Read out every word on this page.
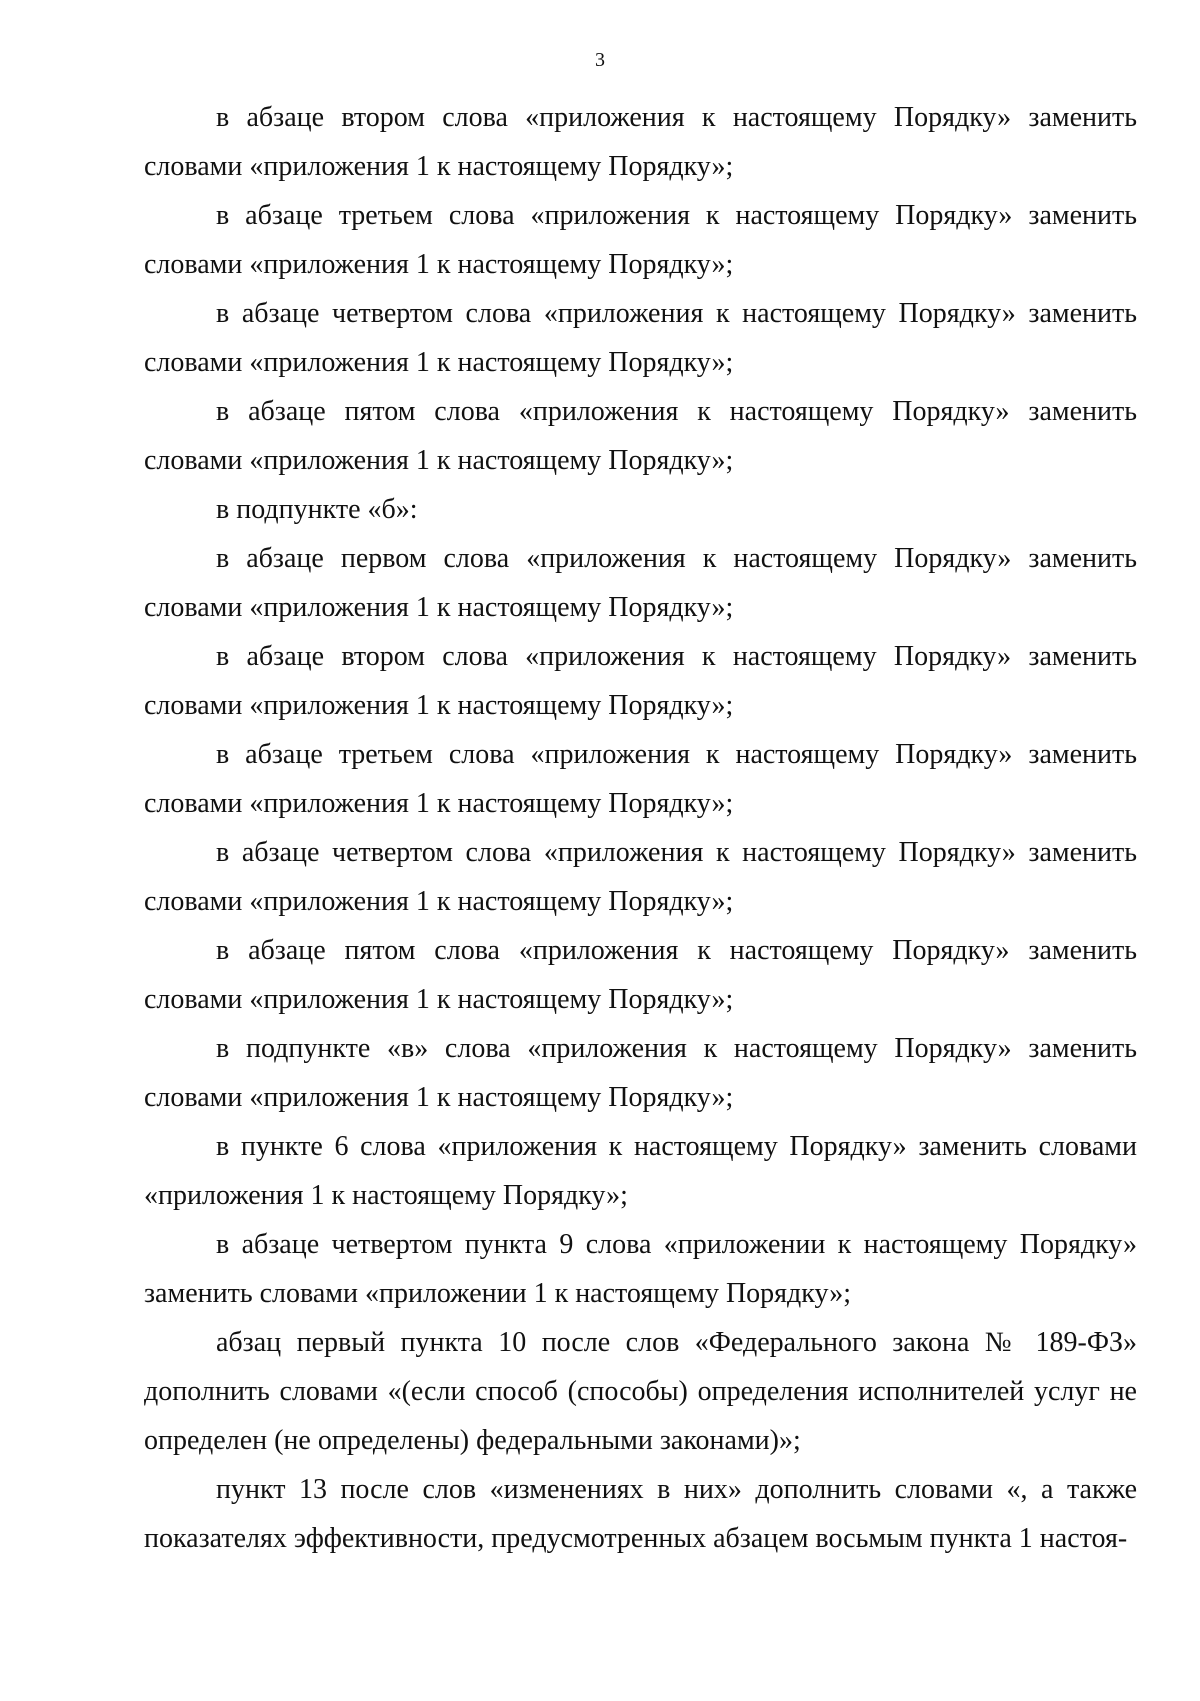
3

в абзаце втором слова «приложения к настоящему Порядку» заменить словами «приложения 1 к настоящему Порядку»;

в абзаце третьем слова «приложения к настоящему Порядку» заменить словами «приложения 1 к настоящему Порядку»;

в абзаце четвертом слова «приложения к настоящему Порядку» заменить словами «приложения 1 к настоящему Порядку»;

в абзаце пятом слова «приложения к настоящему Порядку» заменить словами «приложения 1 к настоящему Порядку»;

в подпункте «б»:

в абзаце первом слова «приложения к настоящему Порядку» заменить словами «приложения 1 к настоящему Порядку»;

в абзаце втором слова «приложения к настоящему Порядку» заменить словами «приложения 1 к настоящему Порядку»;

в абзаце третьем слова «приложения к настоящему Порядку» заменить словами «приложения 1 к настоящему Порядку»;

в абзаце четвертом слова «приложения к настоящему Порядку» заменить словами «приложения 1 к настоящему Порядку»;

в абзаце пятом слова «приложения к настоящему Порядку» заменить словами «приложения 1 к настоящему Порядку»;

в подпункте «в» слова «приложения к настоящему Порядку» заменить словами «приложения 1 к настоящему Порядку»;

в пункте 6 слова «приложения к настоящему Порядку» заменить словами «приложения 1 к настоящему Порядку»;

в абзаце четвертом пункта 9 слова «приложении к настоящему Порядку» заменить словами «приложении 1 к настоящему Порядку»;

абзац первый пункта 10 после слов «Федерального закона № 189-ФЗ» дополнить словами «(если способ (способы) определения исполнителей услуг не определен (не определены) федеральными законами)»;

пункт 13 после слов «изменениях в них» дополнить словами «, а также показателях эффективности, предусмотренных абзацем восьмым пункта 1 настоя-
